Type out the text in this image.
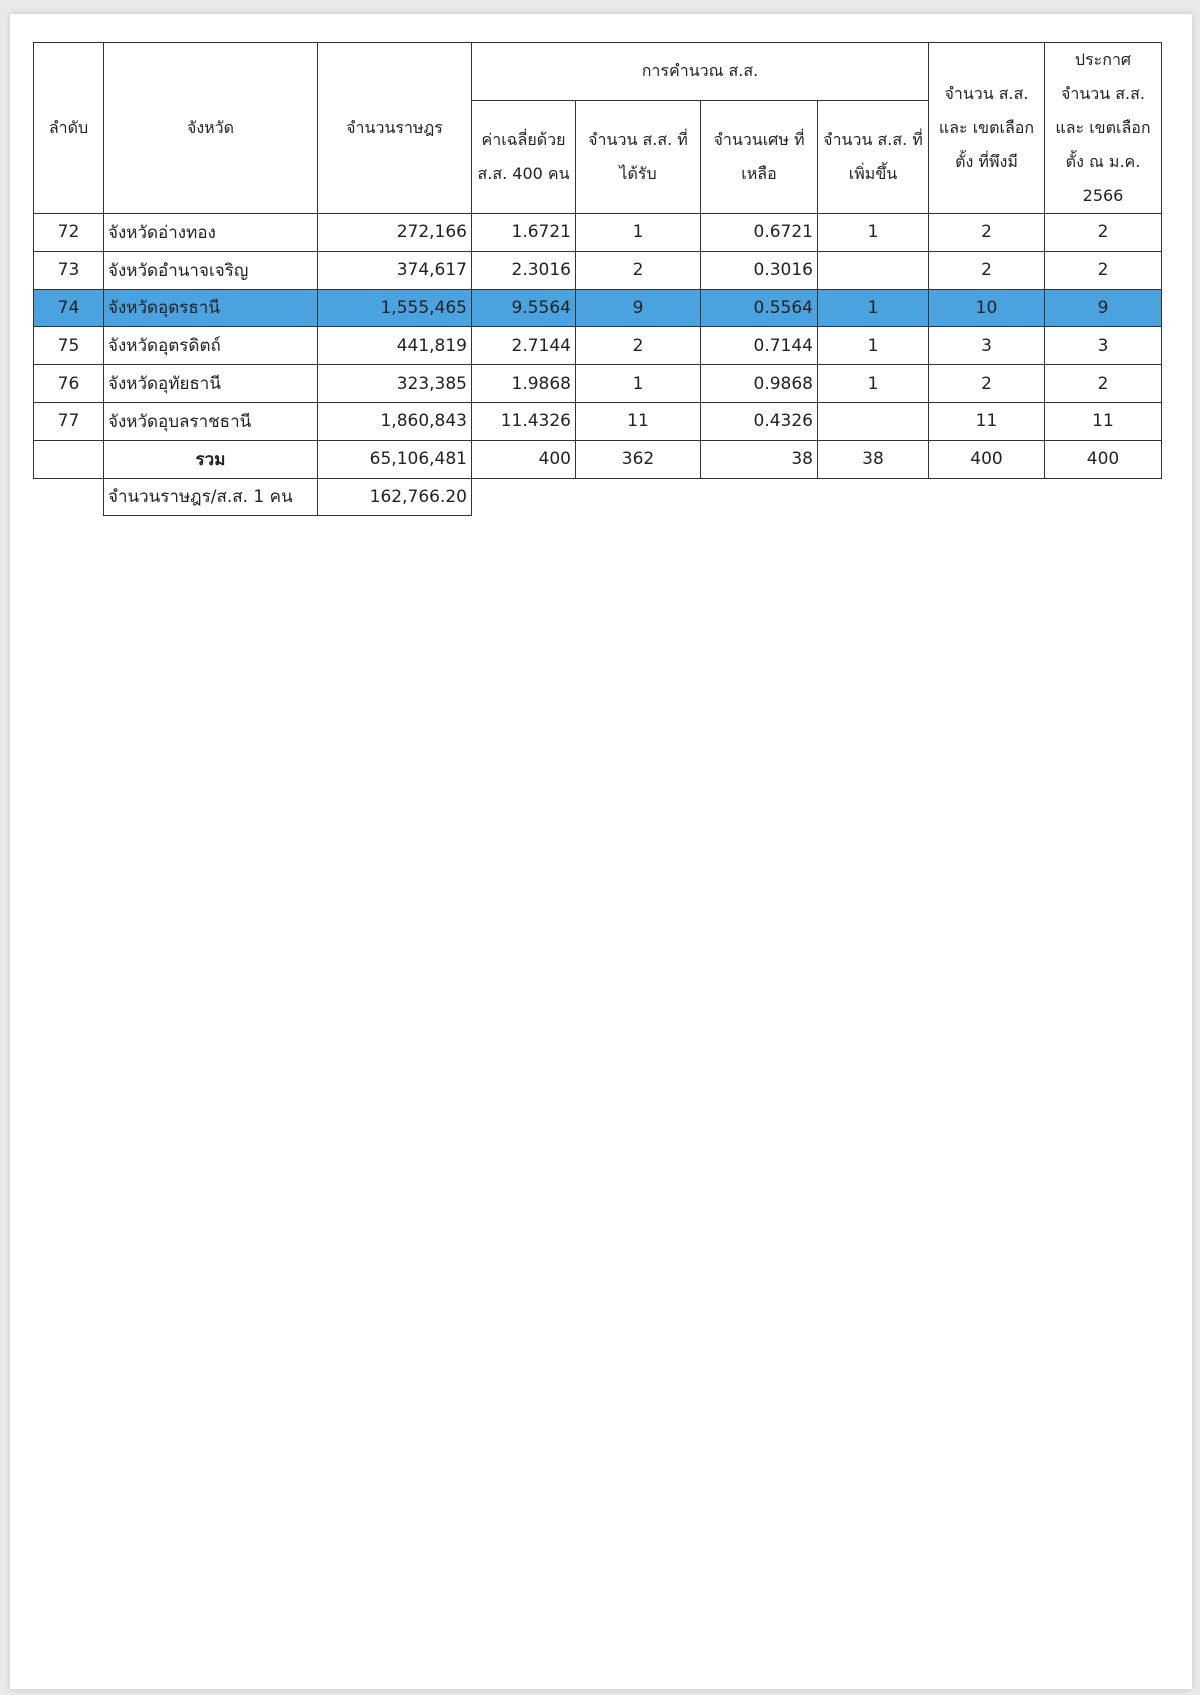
ลำดับ	จังหวัด	จำนวนราษฎร	การคำนวณ ส.ส.				จำนวน ส.ส. และ เขตเลือกตั้ง ที่พึงมี	ประกาศ จำนวน ส.ส. และ เขตเลือกตั้ง ณ ม.ค. 2566
			ค่าเฉลี่ยด้วย ส.ส. 400 คน	จำนวน ส.ส. ที่ได้รับ	จำนวนเศษ ที่เหลือ	จำนวน ส.ส. ที่เพิ่มขึ้น		
72	จังหวัดอ่างทอง	272,166	1.6721	1	0.6721	1	2	2
73	จังหวัดอำนาจเจริญ	374,617	2.3016	2	0.3016		2	2
74	จังหวัดอุดรธานี	1,555,465	9.5564	9	0.5564	1	10	9
75	จังหวัดอุตรดิตถ์	441,819	2.7144	2	0.7144	1	3	3
76	จังหวัดอุทัยธานี	323,385	1.9868	1	0.9868	1	2	2
77	จังหวัดอุบลราชธานี	1,860,843	11.4326	11	0.4326		11	11
	รวม	65,106,481	400	362	38	38	400	400
	จำนวนราษฎร/ส.ส. 1 คน	162,766.20						
